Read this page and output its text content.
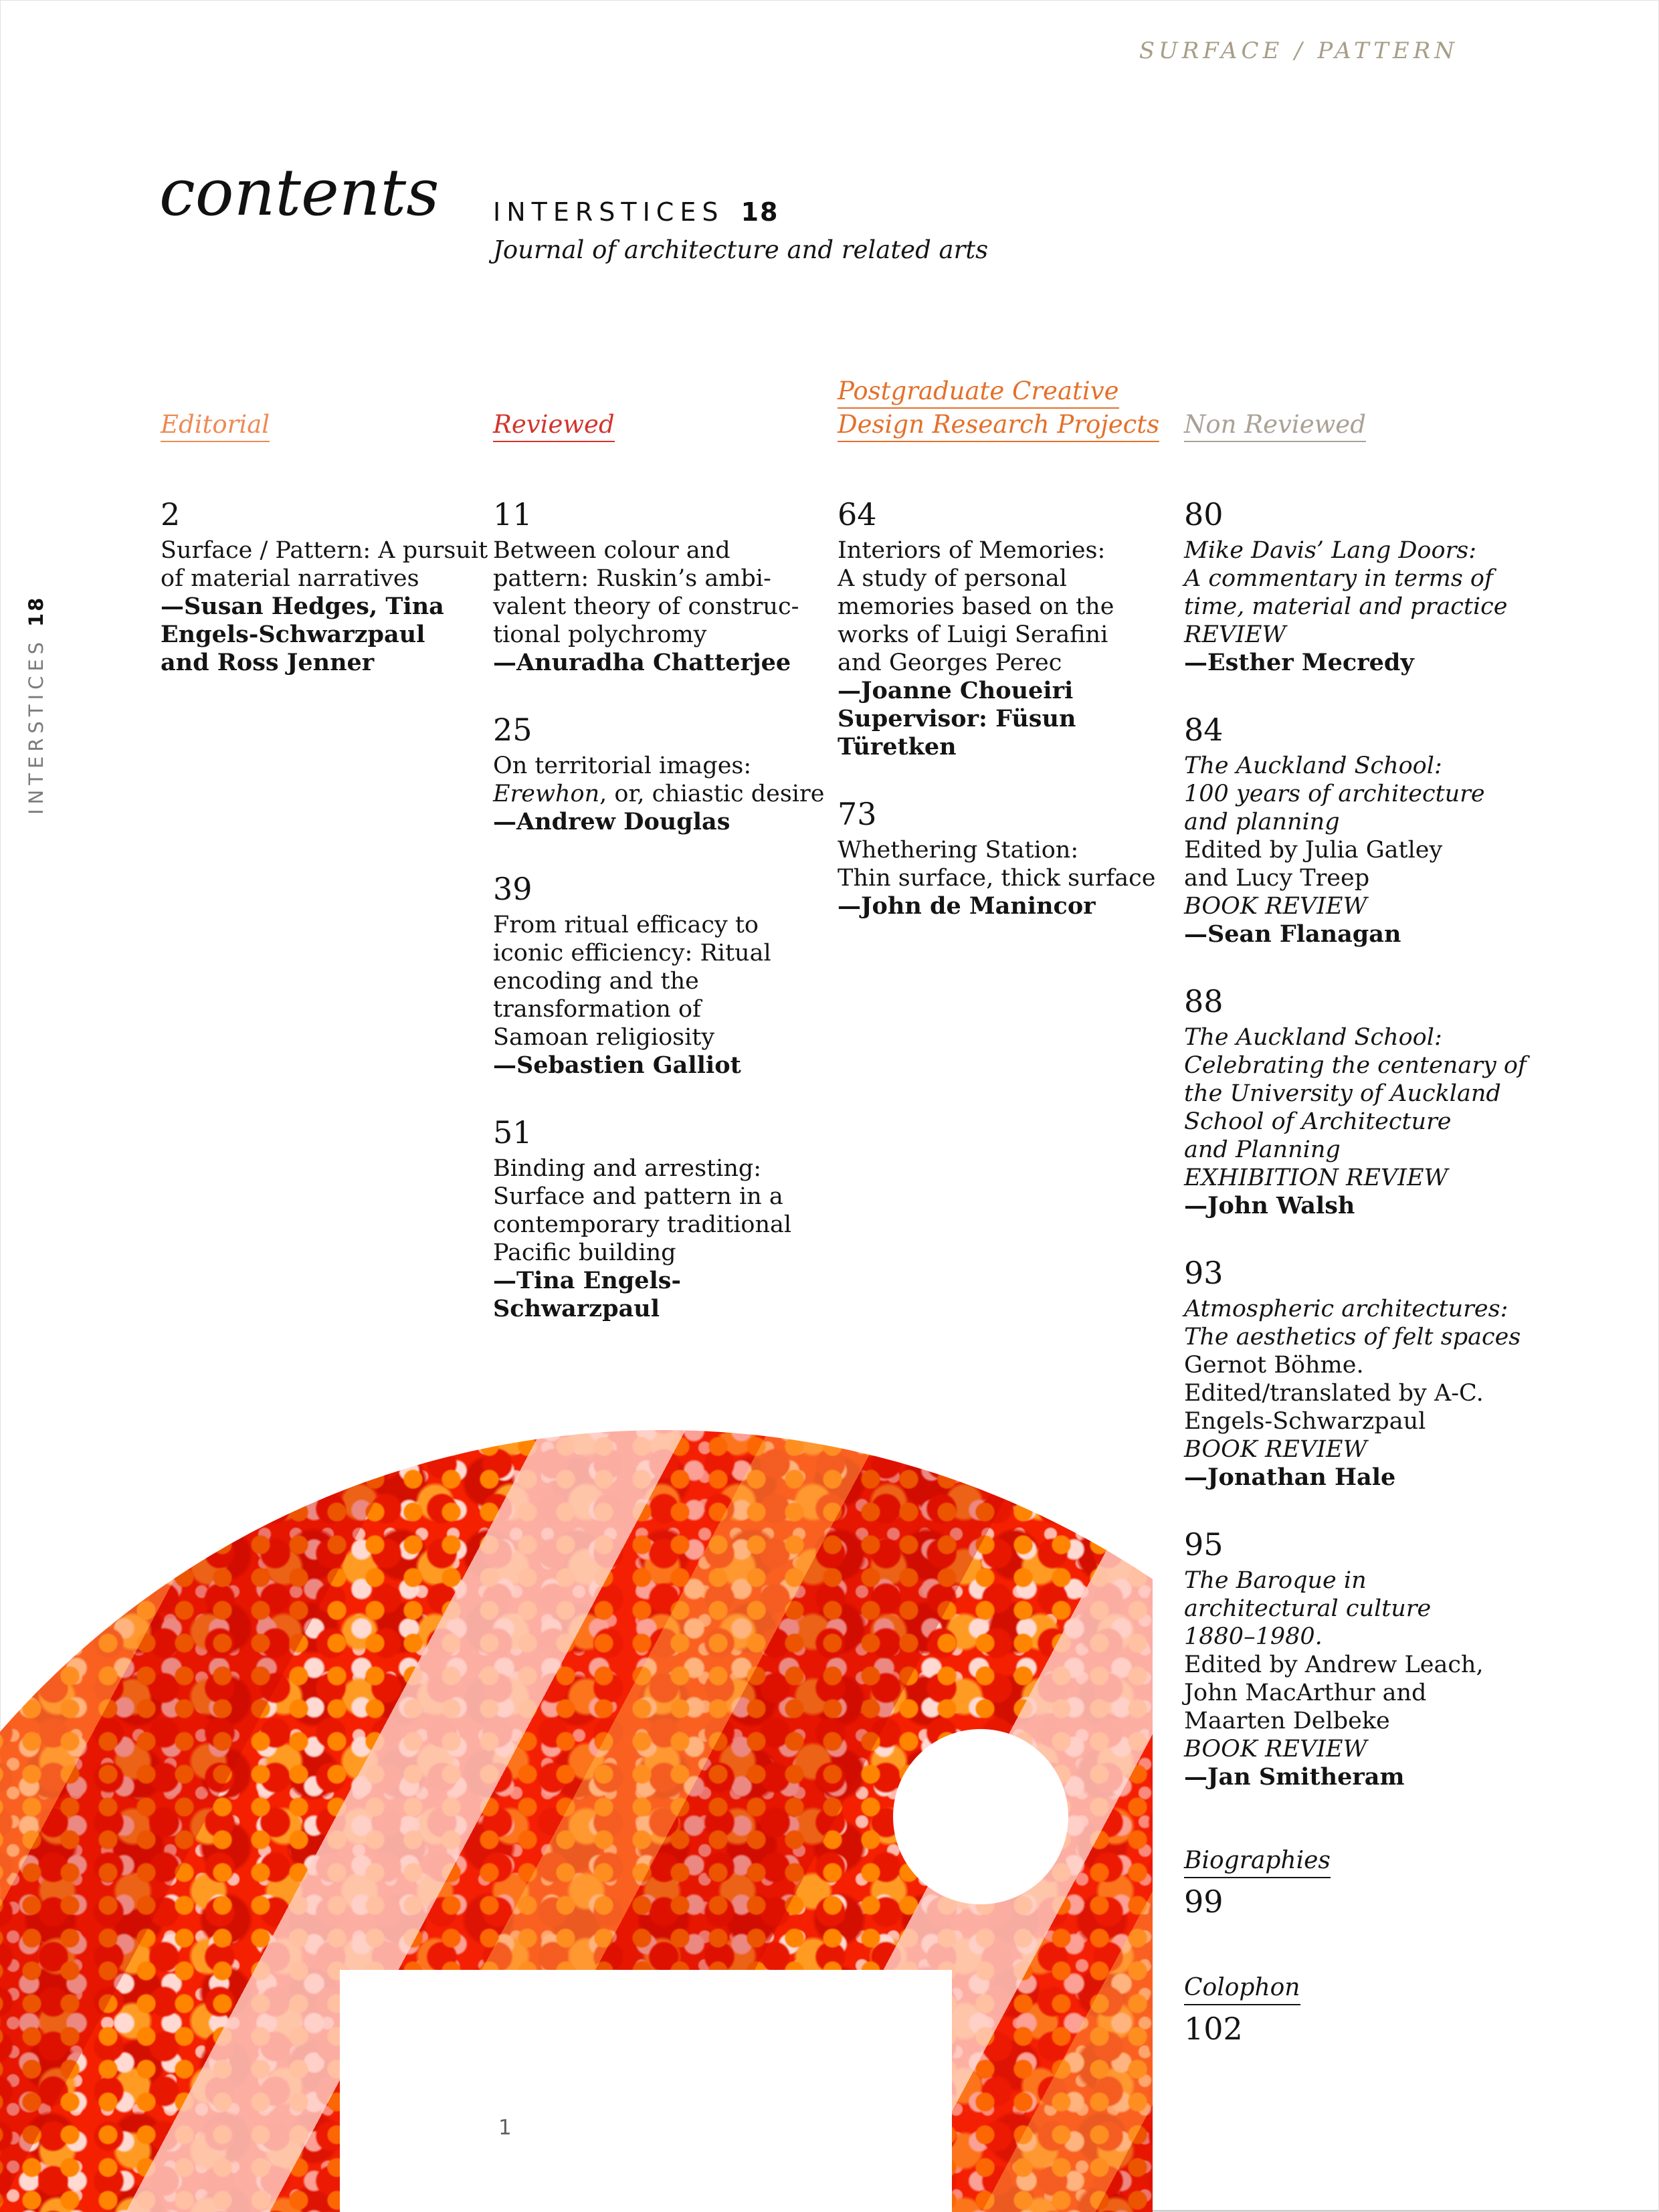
SURFACE / PATTERN
contents INTERSTICES 18
Journal of architecture and related arts
INTERSTICES

18
Editorial
2
Surface / Pattern: A pursuit
of material narratives
—Susan Hedges, Tina
Engels-Schwarzpaul
and Ross Jenner
Reviewed
11
Between colour and
pattern: Ruskin’s ambi-
valent theory of construc-
tional polychromy
—Anuradha Chatterjee
25
On territorial images:
Erewhon, or, chiastic desire
—Andrew Douglas
39
From ritual efficacy to
iconic efficiency: Ritual
encoding and the
transformation of
Samoan religiosity
—Sebastien Galliot
51
Binding and arresting:
Surface and pattern in a
contemporary traditional
Pacific building
—Tina Engels-
Schwarzpaul
Postgraduate Creative
Design Research Projects
64
Interiors of Memories:
A study of personal
memories based on the
works of Luigi Serafini
and Georges Perec
—Joanne Choueiri
Supervisor: Füsun
Türetken
73
Whethering Station:
Thin surface, thick surface
—John de Manincor
Non Reviewed
80
Mike Davis’ Lang Doors:
A commentary in terms of
time, material and practice
REVIEW
—Esther Mecredy
84
The Auckland School:
100 years of architecture
and planning
Edited by Julia Gatley
and Lucy Treep
BOOK REVIEW
—Sean Flanagan
88
The Auckland School:
Celebrating the centenary of
the University of Auckland
School of Architecture
and Planning
EXHIBITION REVIEW
—John Walsh
93
Atmospheric architectures:
The aesthetics of felt spaces
Gernot Böhme.
Edited/translated by A-C.
Engels-Schwarzpaul
BOOK REVIEW
—Jonathan Hale
95
The Baroque in
architectural culture
1880–1980.
Edited by Andrew Leach,
John MacArthur and
Maarten Delbeke
BOOK REVIEW
—Jan Smitheram
Biographies
99
Colophon
102
1
